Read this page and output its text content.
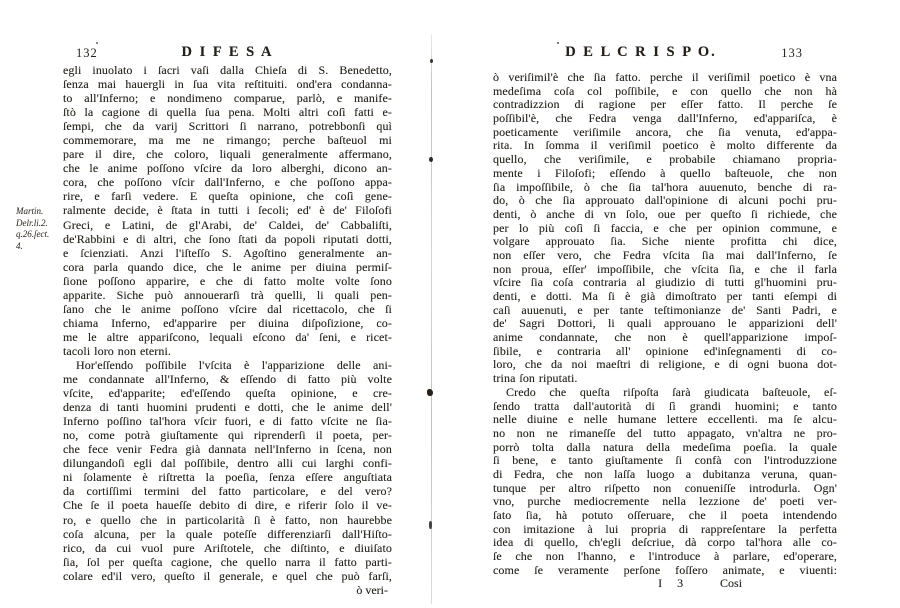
Martin.
Delr.li.2.
q.26.ſect.
4.
132	D I F E S A
egli inuolato i ſacri vaſi dalla Chieſa di S. Benedetto,
ſenza mai hauergli in ſua vita reſtituiti. ond'era condanna-
to all'Inferno; e nondimeno comparue, parlò, e manife-
ſtò la cagione di quella ſua pena. Molti altri coſì fatti e-
ſempi, che da varij Scrittori ſi narrano, potrebbonſi quì
commemorare, ma me ne rimango; perche baſteuol mi
pare il dire, che coloro, liquali generalmente affermano,
che le anime poſſono vſcire da loro alberghi, dicono an-
cora, che poſſono vſcir dall'Inferno, e che poſſono appa-
rire, e farſi vedere. E queſta opinione, che coſì gene-
ralmente decide, è ſtata in tutti i ſecoli; ed' è de' Filoſofi
Greci, e Latini, de gl'Arabi, de' Caldei, de' Cabbaliſti,
de'Rabbini e di altri, che ſono ſtati da popoli riputati dotti,
e ſcienziati. Anzi l'iſteſſo S. Agoſtino generalmente an-
cora parla quando dice, che le anime per diuina permiſ-
ſione poſſono apparire, e che di fatto molte volte ſono
apparite. Siche può annouerarſi trà quelli, li quali pen-
ſano che le anime poſſono vſcire dal ricettacolo, che ſi
chiama Inferno, ed'apparire per diuina diſpoſizione, co-
me le altre appariſcono, lequali eſcono da' ſeni, e ricet-
tacoli loro non eterni.
Hor'eſſendo poſſibile l'vſcita è l'apparizione delle ani-
me condannate all'Inferno, & eſſendo di fatto più volte
vſcite, ed'apparite; ed'eſſendo queſta opinione, e cre-
denza di tanti huomini prudenti e dotti, che le anime dell'
Inferno poſſino tal'hora vſcir fuori, e di fatto vſcite ne ſia-
no, come potrà giuſtamente qui riprenderſi il poeta, per-
che fece venir Fedra già dannata nell'Inferno in ſcena, non
dilungandoſi egli dal poſſibile, dentro alli cui larghi confi-
ni ſolamente è riſtretta la poeſia, ſenza eſſere anguſtiata
da cortiſſimi termini del fatto particolare, e del vero?
Che ſe il poeta haueſſe debito di dire, e riferir ſolo il ve-
ro, e quello che in particolarità ſi è fatto, non haurebbe
coſa alcuna, per la quale poteſſe differenziarſi dall'Hiſto-
rico, da cui vuol pure Ariſtotele, che diſtinto, e diuiſato
ſia, ſol per queſta cagione, che quello narra il fatto parti-
colare ed'il vero, queſto il generale, e quel che può farſi,
ò veri-
D E L C R I S P O.	133
ò veriſimil'è che ſia fatto. perche il veriſimil poetico è vna
medeſima coſa col poſſibile, e con quello che non hà
contradizzion di ragione per eſſer fatto. Il perche ſe
poſſibil'è, che Fedra venga dall'Inferno, ed'appariſca, è
poeticamente veriſimile ancora, che ſia venuta, ed'appa-
rita. In ſomma il veriſimil poetico è molto differente da
quello, che veriſimile, e probabile chiamano propria-
mente i Filoſofi; eſſendo à quello baſteuole, che non
ſia impoſſibile, ò che ſia tal'hora auuenuto, benche di ra-
do, ò che ſia approuato dall'opinione di alcuni pochi pru-
denti, ò anche di vn ſolo, oue per queſto ſi richiede, che
per lo più coſì ſi faccia, e che per opinion commune, e
volgare approuato ſia. Siche niente profitta chi dice,
non eſſer vero, che Fedra vſcita ſia mai dall'Inferno, ſe
non proua, eſſer' impoſſibile, che vſcita ſia, e che il farla
vſcire ſia coſa contraria al giudizio di tutti gl'huomini pru-
denti, e dotti. Ma ſi è già dimoſtrato per tanti eſempi di
caſi auuenuti, e per tante teſtimonianze de' Santi Padri, e
de' Sagri Dottori, li quali approuano le apparizioni dell'
anime condannate, che non è quell'apparizione impoſ-
ſibile, e contraria all' opinione ed'inſegnamenti di co-
loro, che da noi maeſtri di religione, e di ogni buona dot-
trina ſon riputati.
Credo che queſta riſpoſta ſarà giudicata baſteuole, eſ-
ſendo tratta dall'autorità di ſì grandi huomini; e tanto
nelle diuine e nelle humane lettere eccellenti. ma ſe alcu-
no non ne rimaneſſe del tutto appagato, vn'altra ne pro-
porrò tolta dalla natura della medeſima poeſia. la quale
ſi bene, e tanto giuſtamente ſi confà con l'introduzzione
di Fedra, che non laſſa luogo a dubitanza veruna, quan-
tunque per altro riſpetto non conueniſſe introdurla. Ogn'
vno, purche mediocremente nella lezzione de' poeti ver-
ſato ſia, hà potuto oſſeruare, che il poeta intendendo
con imitazione à lui propria di rappreſentare la perfetta
idea di quello, ch'egli deſcriue, dà corpo tal'hora alle co-
ſe che non l'hanno, e l'introduce à parlare, ed'operare,
come ſe veramente perſone foſſero animate, e viuenti:
I 3	Cosi
